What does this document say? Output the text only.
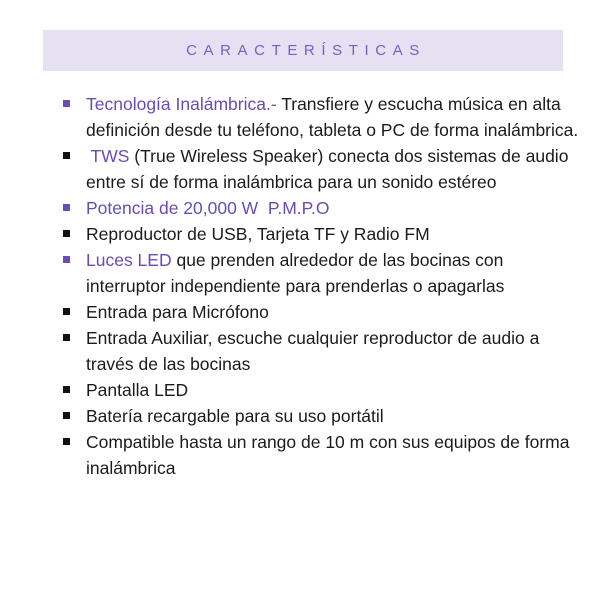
CARACTERÍSTICAS
Tecnología Inalámbrica.- Transfiere y escucha música en alta definición desde tu teléfono, tableta o PC de forma inalámbrica.
TWS (True Wireless Speaker) conecta dos sistemas de audio entre sí de forma inalámbrica para un sonido estéreo
Potencia de 20,000 W  P.M.P.O
Reproductor de USB, Tarjeta TF y Radio FM
Luces LED que prenden alrededor de las bocinas con interruptor independiente para prenderlas o apagarlas
Entrada para Micrófono
Entrada Auxiliar, escuche cualquier reproductor de audio a través de las bocinas
Pantalla LED
Batería recargable para su uso portátil
Compatible hasta un rango de 10 m con sus equipos de forma inalámbrica
